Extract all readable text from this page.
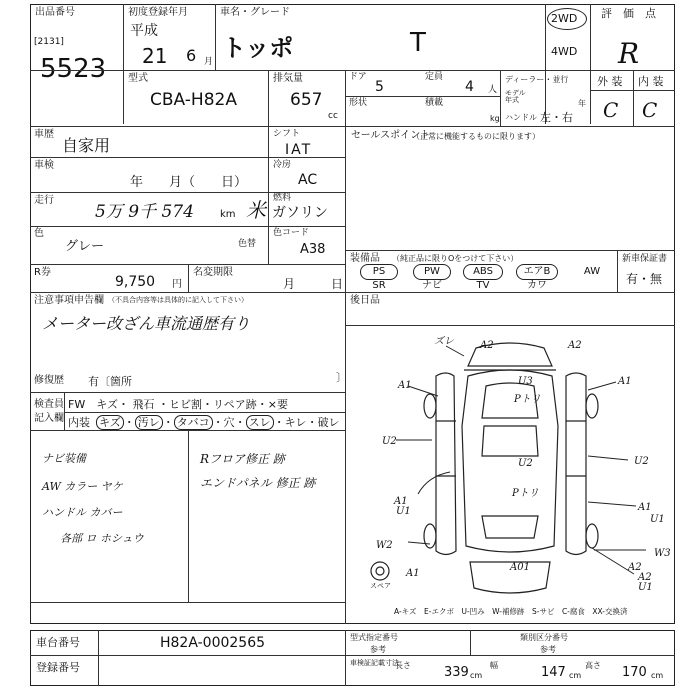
出品番号
[2131]
5523
初度登録年月
平成
21 6 月
車名・グレード
トッポ	T
2WD
4WD
評　価　点
R
型式
CBA-H82A
排気量
657
cc
ドア
5
定員
4 人
形状	積載
kg
ディーラー・並行
モデル
年式	年
ハンドル 左・右
外 装 内 装
C C
車歴
自家用
車検
年　　月（　　日）
走行
5万 9千 574	km 米
色
グレー	色替
R券
9,750 円
名変期限
月　　　日
シフト
IAT
冷房
AC
燃料
ガソリン
色コード
A38
セールスポイント
（正常に機能するものに限ります）
装備品 （純正品に限りOをつけて下さい）	新車保証書
有・無
PS	PW	ABS	エアB	AW
SR	ナビ	TV	カワ
後日品
注意事項申告欄 （不具合内容等は具体的に記入して下さい）
メーター改ざん車流通歴有り
修復歴 有〔箇所	〕
検査員
記入欄
FW　キズ・ 飛石 ・ヒビ割・リペア跡・×要
内装 キズ ・ 汚レ ・ タバコ ・穴・ スレ ・キレ・破レ
ナビ装備
AW カラー ヤケ
ハンドル カバー
各部 ロ ホシュウ
Rフロア修正 跡
エンドパネル 修正 跡
ズレ	A2	A2
A1	A1
U3
Pトリ
U2
U2
A1
U2
Pトリ
A1
A2
U1
U1
W2
W3
A1
A2
A01
U1
スペア
A-キズ　E-エクボ　U-凹み　W-補修跡　S-サビ　C-腐食　XX-交換済
車台番号	H82A-0002565
登録番号
型式指定番号
参考
類別区分番号
参考
車検証記載寸法
長さ	339 cm
幅	147 cm
高さ 170 cm
